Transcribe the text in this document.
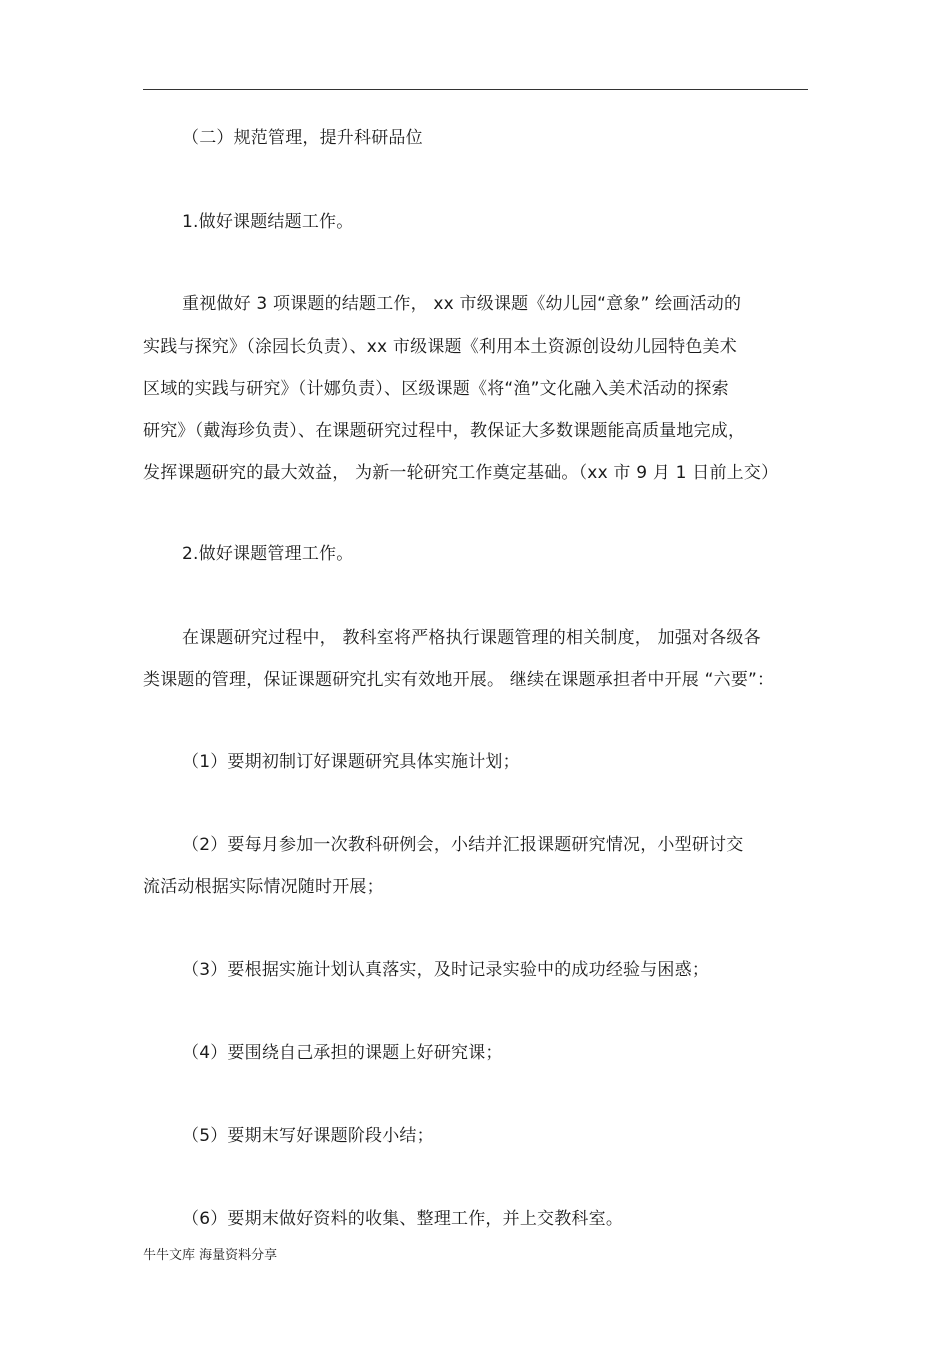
（二）规范管理，提升科研品位
1.做好课题结题工作。
重视做好 3 项课题的结题工作， xx 市级课题《幼儿园“意象” 绘画活动的
实践与探究》（涂园长负责）、xx 市级课题《利用本土资源创设幼儿园特色美术
区域的实践与研究》（计娜负责）、区级课题《将“渔”文化融入美术活动的探索
研究》（戴海珍负责）、在课题研究过程中，教保证大多数课题能高质量地完成，
发挥课题研究的最大效益， 为新一轮研究工作奠定基础。（xx 市 9 月 1 日前上交）
2.做好课题管理工作。
在课题研究过程中， 教科室将严格执行课题管理的相关制度， 加强对各级各
类课题的管理，保证课题研究扎实有效地开展。 继续在课题承担者中开展 “六要”：
（1）要期初制订好课题研究具体实施计划；
（2）要每月参加一次教科研例会，小结并汇报课题研究情况，小型研讨交
流活动根据实际情况随时开展；
（3）要根据实施计划认真落实，及时记录实验中的成功经验与困惑；
（4）要围绕自己承担的课题上好研究课；
（5）要期末写好课题阶段小结；
（6）要期末做好资料的收集、整理工作，并上交教科室。
牛牛文库 海量资料分享
